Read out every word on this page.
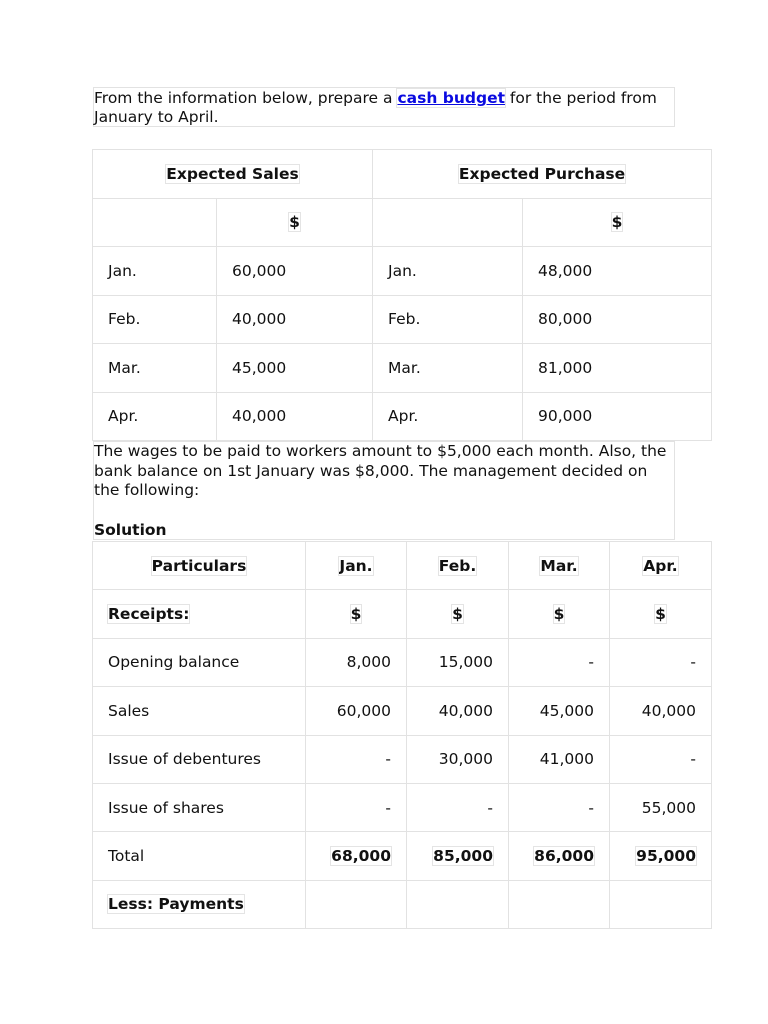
From the information below, prepare a cash budget for the period from January to April.

Expected Sales		Expected Purchase	
	$		$
Jan.	60,000	Jan.	48,000
Feb.	40,000	Feb.	80,000
Mar.	45,000	Mar.	81,000
Apr.	40,000	Apr.	90,000
The wages to be paid to workers amount to $5,000 each month. Also, the bank balance on 1st January was $8,000. The management decided on the following:
Solution
Particulars	Jan.	Feb.	Mar.	Apr.
Receipts:	$	$	$	$
Opening balance	8,000	15,000	-	-
Sales	60,000	40,000	45,000	40,000
Issue of debentures	-	30,000	41,000	-
Issue of shares	-	-	-	55,000
Total	68,000	85,000	86,000	95,000
Less: Payments				
